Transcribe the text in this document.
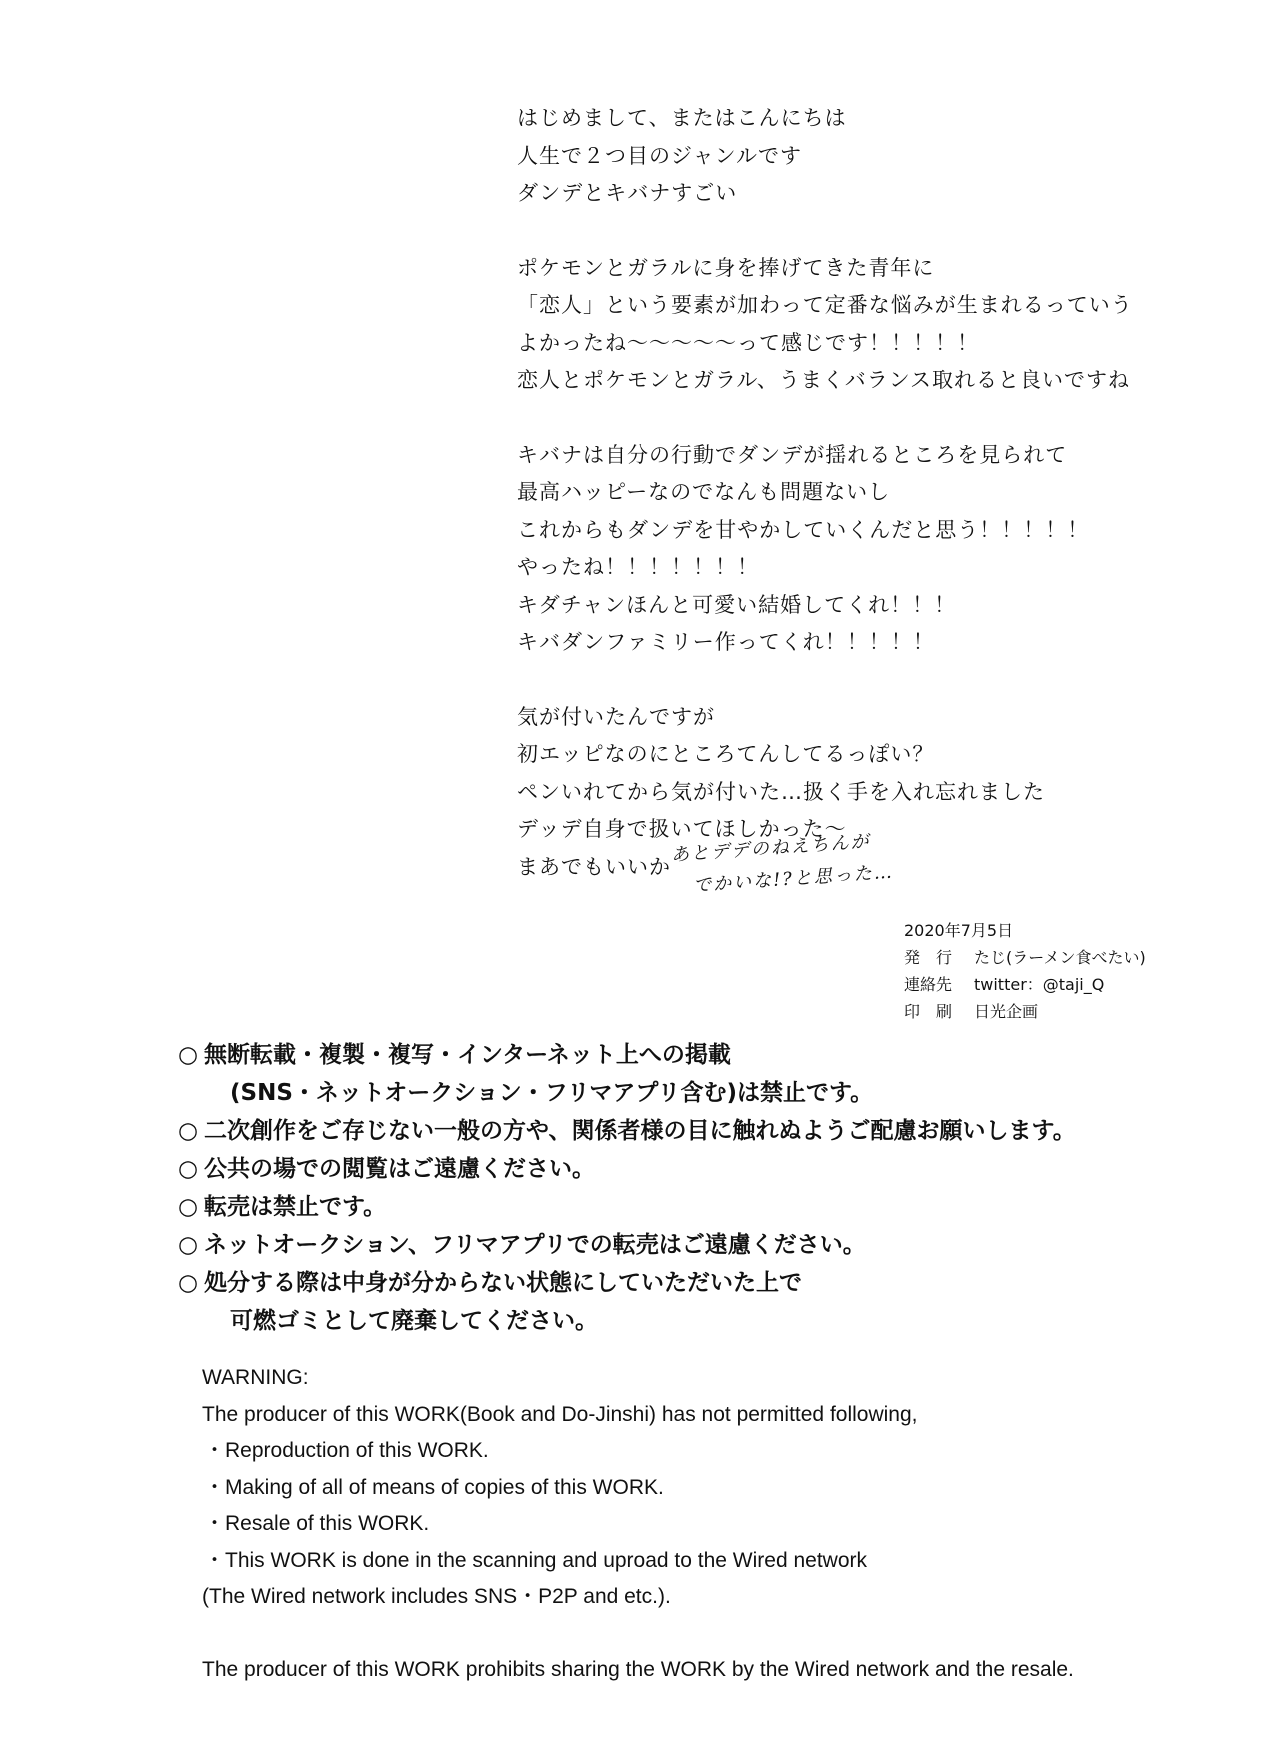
はじめまして、またはこんにちは
人生で２つ目のジャンルです
ダンデとキバナすごい
ポケモンとガラルに身を捧げてきた青年に
「恋人」という要素が加わって定番な悩みが生まれるっていう
よかったね〜〜〜〜〜って感じです！！！！！
恋人とポケモンとガラル、うまくバランス取れると良いですね
キバナは自分の行動でダンデが揺れるところを見られて
最高ハッピーなのでなんも問題ないし
これからもダンデを甘やかしていくんだと思う！！！！！
やったね！！！！！！！
キダチャンほんと可愛い結婚してくれ！！！
キバダンファミリー作ってくれ！！！！！
気が付いたんですが
初エッピなのにところてんしてるっぽい？
ペンいれてから気が付いた…扱く手を入れ忘れました
デッデ自身で扱いてほしかった〜
まあでもいいか
あとデデのねえちんが
でかいな!?と思った…
2020年7月5日
発　行	たじ(ラーメン食べたい)
連絡先	twitter：@taji_Q
印　刷	日光企画
○ 無断転載・複製・複写・インターネット上への掲載
(SNS・ネットオークション・フリマアプリ含む)は禁止です。
○ 二次創作をご存じない一般の方や、関係者様の目に触れぬようご配慮お願いします。
○ 公共の場での閲覧はご遠慮ください。
○ 転売は禁止です。
○ ネットオークション、フリマアプリでの転売はご遠慮ください。
○ 処分する際は中身が分からない状態にしていただいた上で
可燃ゴミとして廃棄してください。
WARNING:
The producer of this WORK(Book and Do-Jinshi) has not permitted following,
・Reproduction of this WORK.
・Making of all of means of copies of this WORK.
・Resale of this WORK.
・This WORK is done in the scanning and uproad to the Wired network
(The Wired network includes SNS・P2P and etc.).
The producer of this WORK prohibits sharing the WORK by the Wired network and the resale.
